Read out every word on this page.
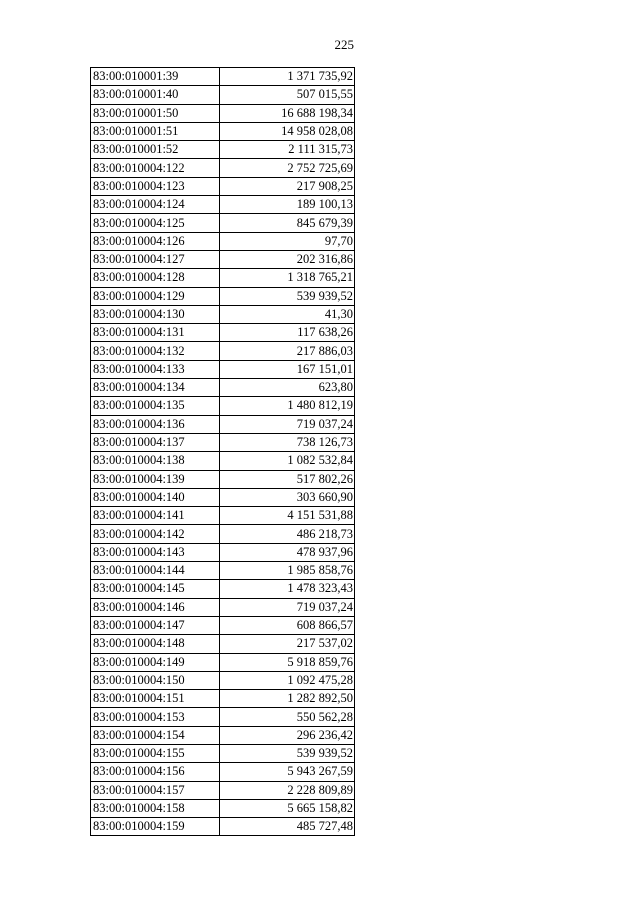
225
83:00:010001:39	1 371 735,92
83:00:010001:40	507 015,55
83:00:010001:50	16 688 198,34
83:00:010001:51	14 958 028,08
83:00:010001:52	2 111 315,73
83:00:010004:122	2 752 725,69
83:00:010004:123	217 908,25
83:00:010004:124	189 100,13
83:00:010004:125	845 679,39
83:00:010004:126	97,70
83:00:010004:127	202 316,86
83:00:010004:128	1 318 765,21
83:00:010004:129	539 939,52
83:00:010004:130	41,30
83:00:010004:131	117 638,26
83:00:010004:132	217 886,03
83:00:010004:133	167 151,01
83:00:010004:134	623,80
83:00:010004:135	1 480 812,19
83:00:010004:136	719 037,24
83:00:010004:137	738 126,73
83:00:010004:138	1 082 532,84
83:00:010004:139	517 802,26
83:00:010004:140	303 660,90
83:00:010004:141	4 151 531,88
83:00:010004:142	486 218,73
83:00:010004:143	478 937,96
83:00:010004:144	1 985 858,76
83:00:010004:145	1 478 323,43
83:00:010004:146	719 037,24
83:00:010004:147	608 866,57
83:00:010004:148	217 537,02
83:00:010004:149	5 918 859,76
83:00:010004:150	1 092 475,28
83:00:010004:151	1 282 892,50
83:00:010004:153	550 562,28
83:00:010004:154	296 236,42
83:00:010004:155	539 939,52
83:00:010004:156	5 943 267,59
83:00:010004:157	2 228 809,89
83:00:010004:158	5 665 158,82
83:00:010004:159	485 727,48
